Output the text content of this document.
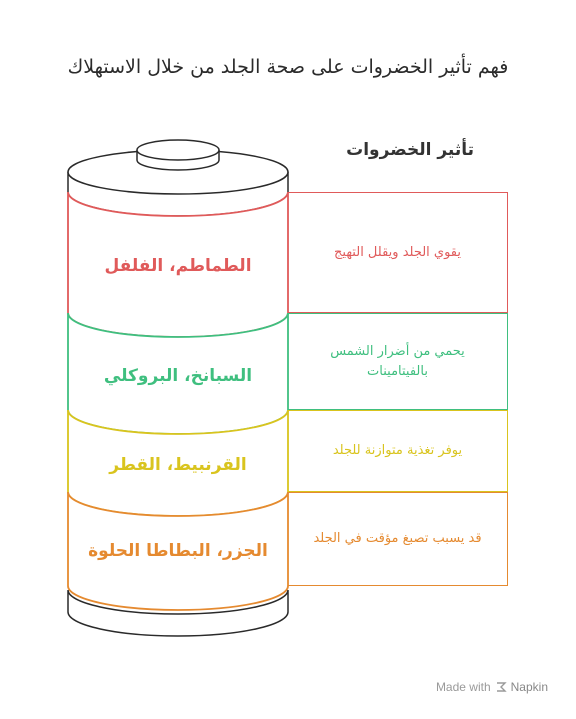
فهم تأثير الخضروات على صحة الجلد من خلال الاستهلاك
تأثير الخضروات
الطماطم، الفلفل
السبانخ، البروكلي
القرنبيط، القطر
الجزر، البطاطا الحلوة
يقوي الجلد ويقلل التهيج
يحمي من أضرار الشمس بالفيتامينات
يوفر تغذية متوازنة للجلد
قد يسبب تصبغ مؤقت في الجلد
Made with Napkin
